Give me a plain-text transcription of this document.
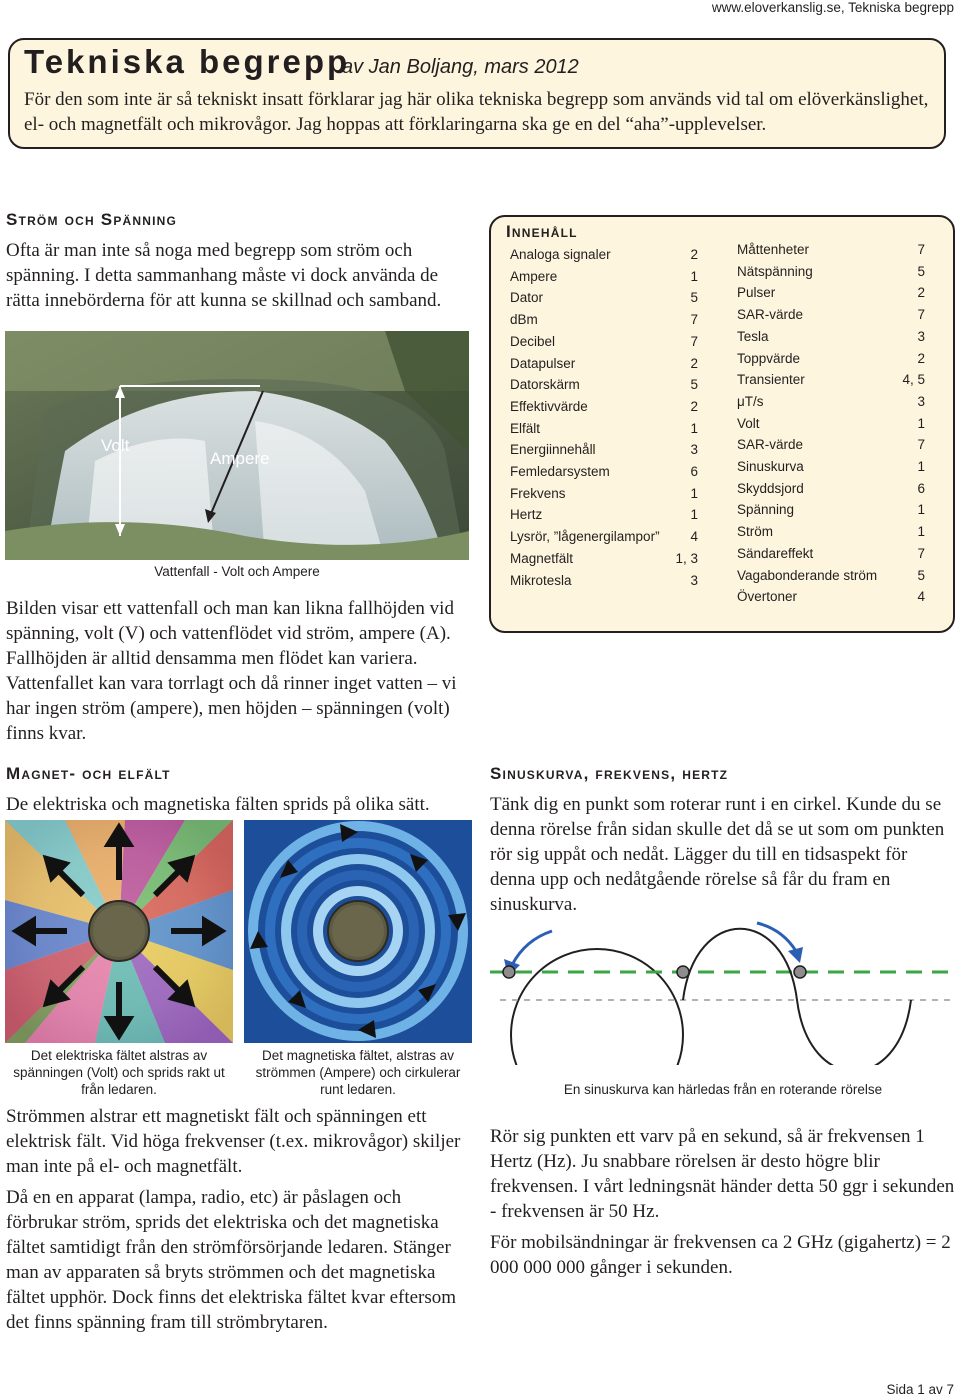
www.eloverkanslig.se, Tekniska begrepp
Tekniska begrepp
av Jan Boljang, mars 2012
För den som inte är så tekniskt insatt förklarar jag här olika tekniska begrepp som används vid tal om elöverkänslighet, el- och magnetfält och mikrovågor. Jag hoppas att förklaringarna ska ge en del “aha”-upplevelser.
Ström och Spänning
Ofta är man inte så noga med begrepp som ström och spänning. I detta sammanhang måste vi dock använda de rätta innebörderna för att kunna se skillnad och samband.
Volt
Ampere
Vattenfall - Volt och Ampere
Bilden visar ett vattenfall och man kan likna fallhöjden vid spänning, volt (V) och vattenflödet vid ström, ampere (A). Fallhöjden är alltid densamma men flödet kan variera. Vattenfallet kan vara torrlagt och då rinner inget vatten – vi har ingen ström (ampere), men höjden – spänningen (volt) finns kvar.
Magnet- och elfält
De elektriska och magnetiska fälten sprids på olika sätt.
Det elektriska fältet alstras av spänningen (Volt) och sprids rakt ut från ledaren.
Det magnetiska fältet, alstras av strömmen (Ampere) och cirkulerar runt ledaren.
Strömmen alstrar ett magnetiskt fält och spänningen ett elektrisk fält. Vid höga frekvenser (t.ex. mikrovågor) skiljer man inte på el- och magnetfält.
Då en en apparat (lampa, radio, etc) är påslagen och förbrukar ström, sprids det elektriska och det magnetiska fältet samtidigt från den strömförsörjande ledaren. Stänger man av apparaten så bryts strömmen och det magnetiska fältet upphör. Dock finns det elektriska fältet kvar eftersom det finns spänning fram till strömbrytaren.
Innehåll
Analoga signaler	2
Ampere	1
Dator	5
dBm	7
Decibel	7
Datapulser	2
Datorskärm	5
Effektivvärde	2
Elfält	1
Energiinnehåll	3
Femledarsystem	6
Frekvens	1
Hertz	1
Lysrör, ”lågenergilampor” 4
Magnetfält	1, 3
Mikrotesla	3
Måttenheter	7
Nätspänning	5
Pulser	2
SAR-värde	7
Tesla	3
Toppvärde	2
Transienter	4, 5
μT/s	3
Volt	1
SAR-värde	7
Sinuskurva	1
Skyddsjord	6
Spänning	1
Ström	1
Sändareffekt	7
Vagabonderande ström	5
Övertoner	4
Sinuskurva, frekvens, hertz
Tänk dig en punkt som roterar runt i en cirkel. Kunde du se denna rörelse från sidan skulle det då se ut som om punkten rör sig uppåt och nedåt. Lägger du till en tidsaspekt för denna upp och nedåtgående rörelse så får du fram en sinuskurva.
En sinuskurva kan härledas från en roterande rörelse
Rör sig punkten ett varv på en sekund, så är frekvensen 1 Hertz (Hz). Ju snabbare rörelsen är desto högre blir frekvensen. I vårt ledningsnät händer detta 50 ggr i sekunden - frekvensen är 50 Hz.
För mobilsändningar är frekvensen ca 2 GHz (gigahertz) = 2 000 000 000 gånger i sekunden.
Sida 1 av 7
